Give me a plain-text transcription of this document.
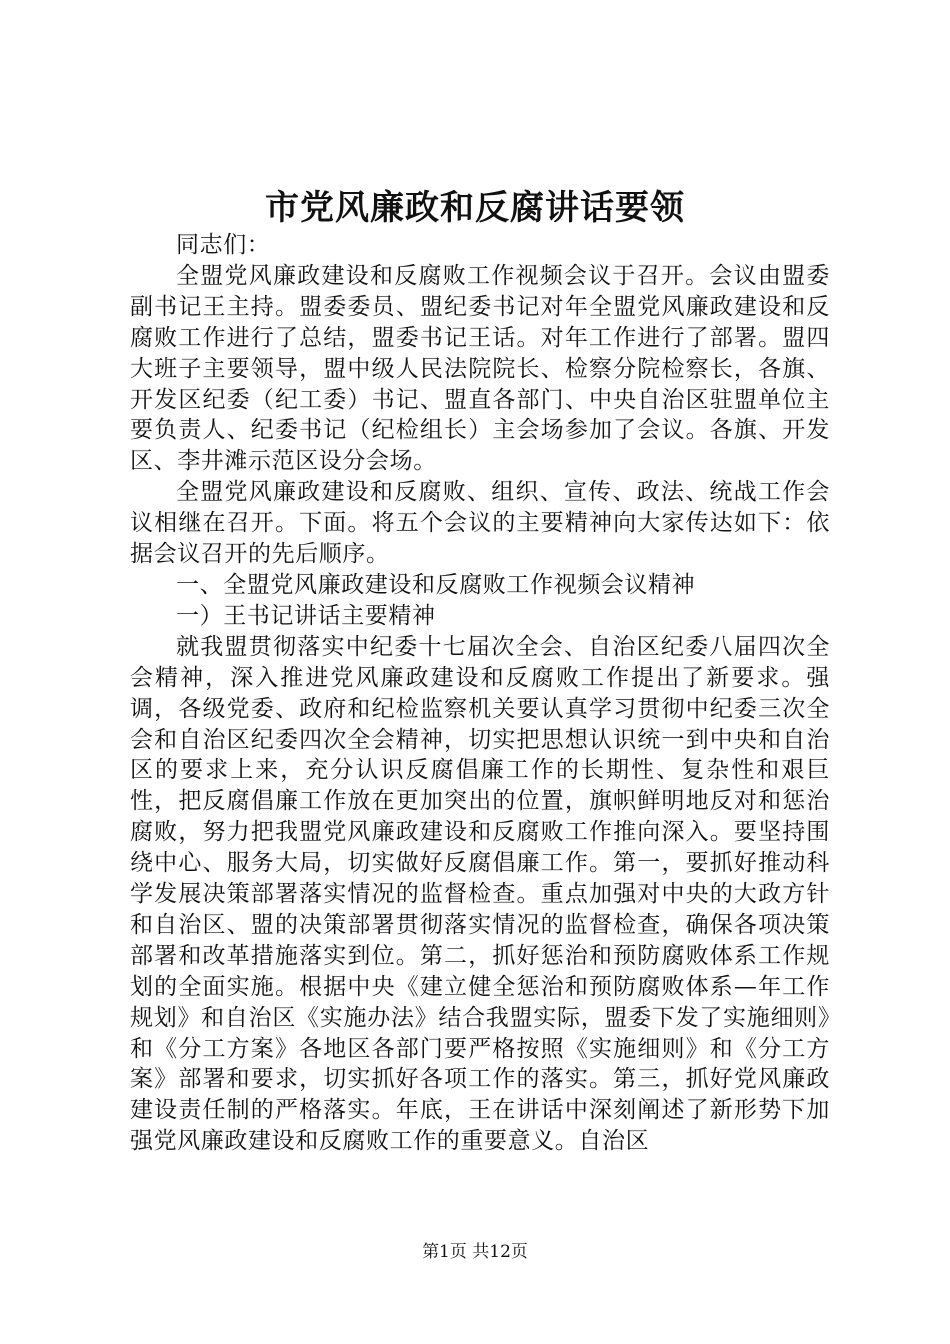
市党风廉政和反腐讲话要领

同志们：

全盟党风廉政建设和反腐败工作视频会议于召开。会议由盟委副书记王主持。盟委委员、盟纪委书记对年全盟党风廉政建设和反腐败工作进行了总结，盟委书记王话。对年工作进行了部署。盟四大班子主要领导，盟中级人民法院院长、检察分院检察长，各旗、开发区纪委（纪工委）书记、盟直各部门、中央自治区驻盟单位主要负责人、纪委书记（纪检组长）主会场参加了会议。各旗、开发区、李井滩示范区设分会场。

全盟党风廉政建设和反腐败、组织、宣传、政法、统战工作会议相继在召开。下面。将五个会议的主要精神向大家传达如下：依据会议召开的先后顺序。

一、全盟党风廉政建设和反腐败工作视频会议精神

一）王书记讲话主要精神

就我盟贯彻落实中纪委十七届次全会、自治区纪委八届四次全会精神，深入推进党风廉政建设和反腐败工作提出了新要求。强调，各级党委、政府和纪检监察机关要认真学习贯彻中纪委三次全会和自治区纪委四次全会精神，切实把思想认识统一到中央和自治区的要求上来，充分认识反腐倡廉工作的长期性、复杂性和艰巨性，把反腐倡廉工作放在更加突出的位置，旗帜鲜明地反对和惩治腐败，努力把我盟党风廉政建设和反腐败工作推向深入。要坚持围绕中心、服务大局，切实做好反腐倡廉工作。第一，要抓好推动科学发展决策部署落实情况的监督检查。重点加强对中央的大政方针和自治区、盟的决策部署贯彻落实情况的监督检查，确保各项决策部署和改革措施落实到位。第二，抓好惩治和预防腐败体系工作规划的全面实施。根据中央《建立健全惩治和预防腐败体系—年工作规划》和自治区《实施办法》结合我盟实际，盟委下发了实施细则》和《分工方案》各地区各部门要严格按照《实施细则》和《分工方案》部署和要求，切实抓好各项工作的落实。第三，抓好党风廉政建设责任制的严格落实。年底，王在讲话中深刻阐述了新形势下加强党风廉政建设和反腐败工作的重要意义。自治区

第1页 共12页
